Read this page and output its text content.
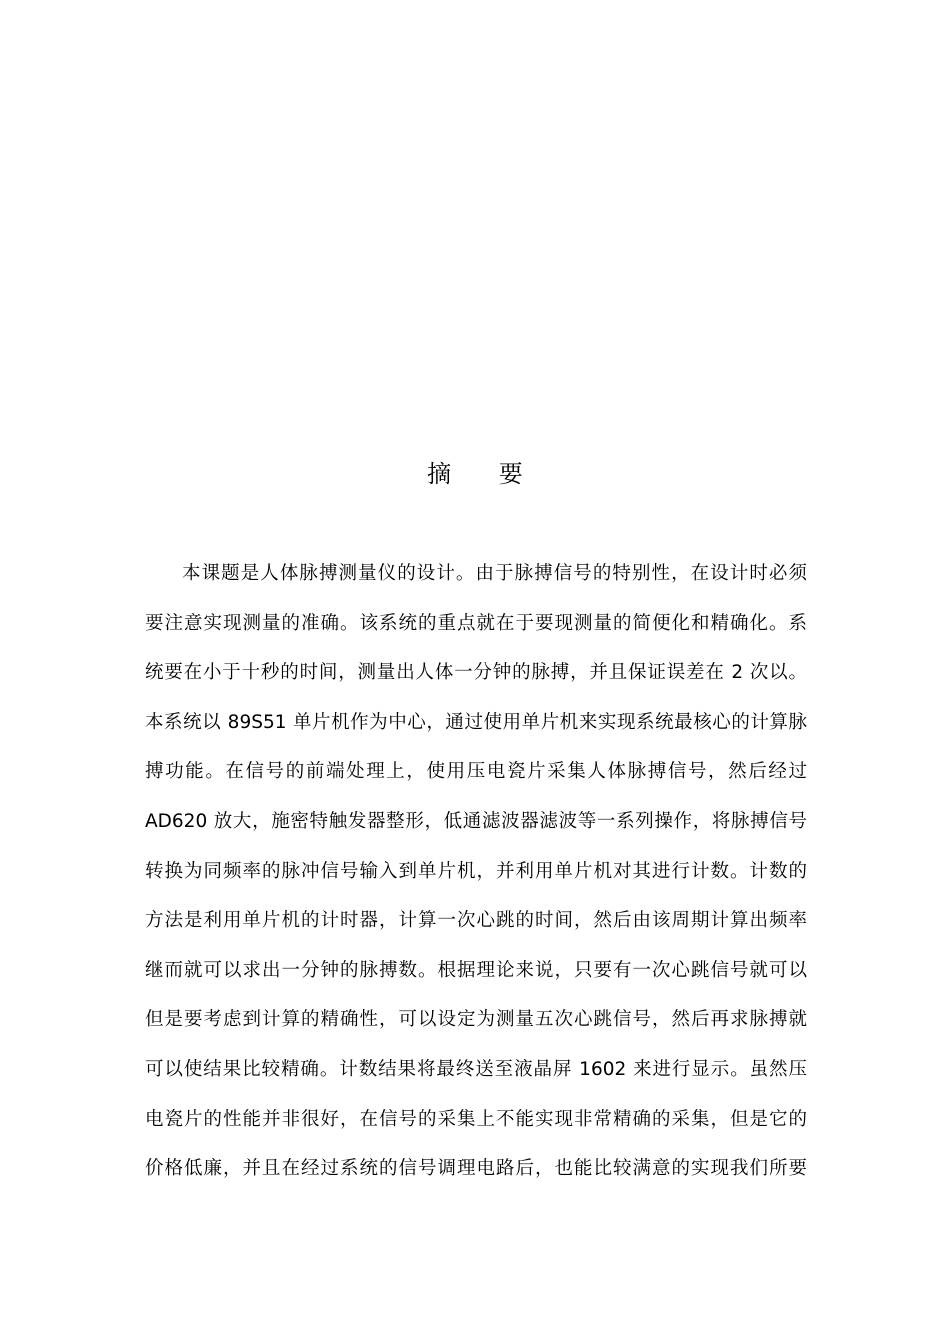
摘 要
本课题是人体脉搏测量仪的设计。由于脉搏信号的特别性，在设计时必须
要注意实现测量的准确。该系统的重点就在于要现测量的简便化和精确化。系
统要在小于十秒的时间，测量出人体一分钟的脉搏，并且保证误差在 2 次以。
本系统以 89S51 单片机作为中心，通过使用单片机来实现系统最核心的计算脉
搏功能。在信号的前端处理上，使用压电瓷片采集人体脉搏信号，然后经过
AD620 放大，施密特触发器整形，低通滤波器滤波等一系列操作，将脉搏信号
转换为同频率的脉冲信号输入到单片机，并利用单片机对其进行计数。计数的
方法是利用单片机的计时器，计算一次心跳的时间，然后由该周期计算出频率
继而就可以求出一分钟的脉搏数。根据理论来说，只要有一次心跳信号就可以
但是要考虑到计算的精确性，可以设定为测量五次心跳信号，然后再求脉搏就
可以使结果比较精确。计数结果将最终送至液晶屏 1602 来进行显示。虽然压
电瓷片的性能并非很好，在信号的采集上不能实现非常精确的采集，但是它的
价格低廉，并且在经过系统的信号调理电路后，也能比较满意的实现我们所要
